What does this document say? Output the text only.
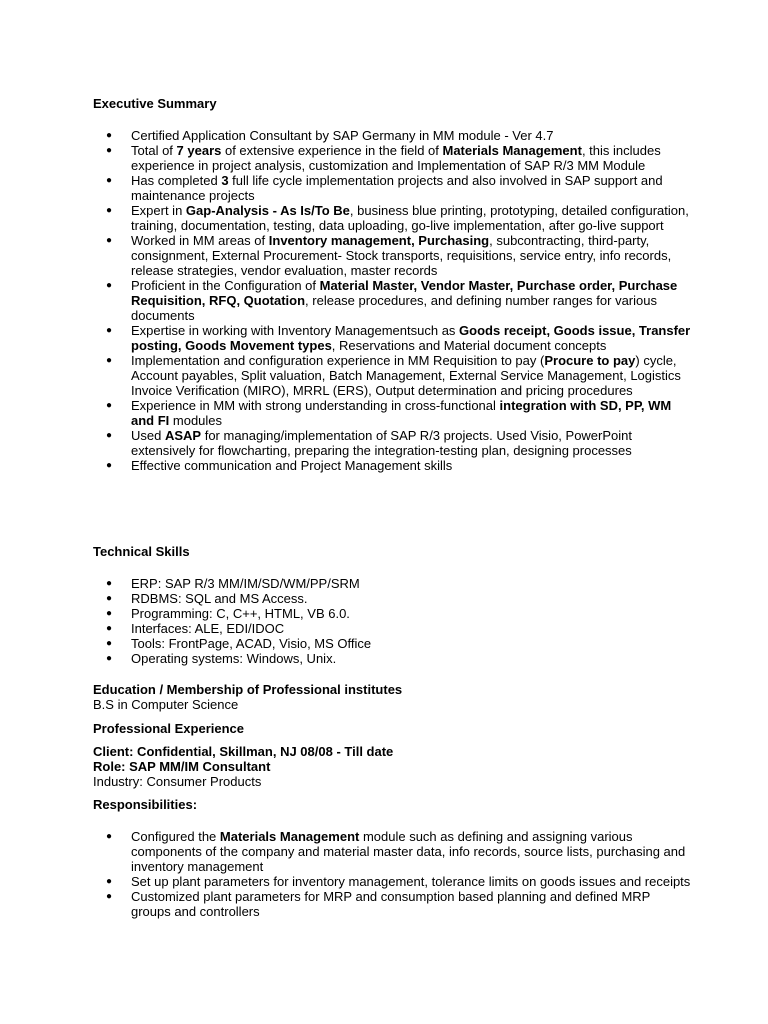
Executive Summary

● Certified Application Consultant by SAP Germany in MM module - Ver 4.7
● Total of 7 years of extensive experience in the field of Materials Management, this includes experience in project analysis, customization and Implementation of SAP R/3 MM Module
● Has completed 3 full life cycle implementation projects and also involved in SAP support and maintenance projects
● Expert in Gap-Analysis - As Is/To Be, business blue printing, prototyping, detailed configuration, training, documentation, testing, data uploading, go-live implementation, after go-live support
● Worked in MM areas of Inventory management, Purchasing, subcontracting, third-party, consignment, External Procurement- Stock transports, requisitions, service entry, info records, release strategies, vendor evaluation, master records
● Proficient in the Configuration of Material Master, Vendor Master, Purchase order, Purchase Requisition, RFQ, Quotation, release procedures, and defining number ranges for various documents
● Expertise in working with Inventory Managementsuch as Goods receipt, Goods issue, Transfer posting, Goods Movement types, Reservations and Material document concepts
● Implementation and configuration experience in MM Requisition to pay (Procure to pay) cycle, Account payables, Split valuation, Batch Management, External Service Management, Logistics Invoice Verification (MIRO), MRRL (ERS), Output determination and pricing procedures
● Experience in MM with strong understanding in cross-functional integration with SD, PP, WM and FI modules
● Used ASAP for managing/implementation of SAP R/3 projects. Used Visio, PowerPoint extensively for flowcharting, preparing the integration-testing plan, designing processes
● Effective communication and Project Management skills

Technical Skills

● ERP: SAP R/3 MM/IM/SD/WM/PP/SRM
● RDBMS: SQL and MS Access.
● Programming: C, C++, HTML, VB 6.0.
● Interfaces: ALE, EDI/IDOC
● Tools: FrontPage, ACAD, Visio, MS Office
● Operating systems: Windows, Unix.

Education / Membership of Professional institutes

B.S in Computer Science

Professional Experience

Client: Confidential, Skillman, NJ 08/08 - Till date

Role: SAP MM/IM Consultant

Industry: Consumer Products

Responsibilities:

● Configured the Materials Management module such as defining and assigning various components of the company and material master data, info records, source lists, purchasing and inventory management
● Set up plant parameters for inventory management, tolerance limits on goods issues and receipts
● Customized plant parameters for MRP and consumption based planning and defined MRP groups and controllers
